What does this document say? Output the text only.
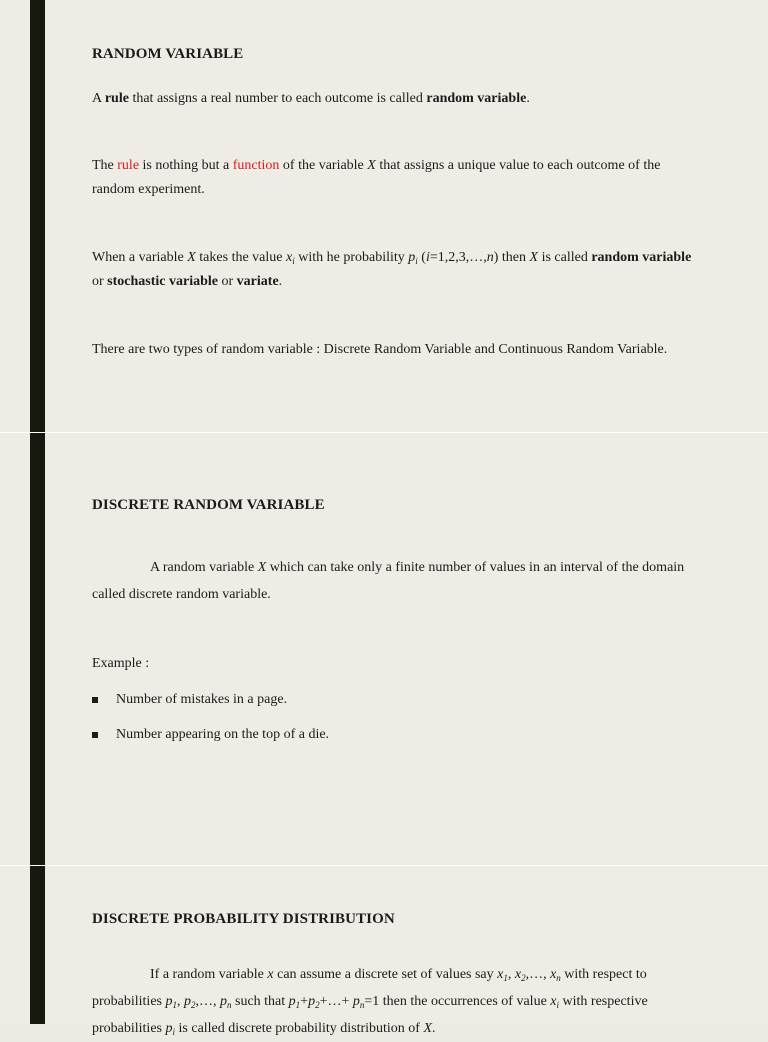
RANDOM VARIABLE

A rule that assigns a real number to each outcome is called random variable.

The rule is nothing but a function of the variable X that assigns a unique value to each outcome of the random experiment.

When a variable X takes the value $x_i$ with he probability $p_i$ (i=1,2,3,…,n) then X is called random variable or stochastic variable or variate.

There are two types of random variable : Discrete Random Variable and Continuous Random Variable.

DISCRETE RANDOM VARIABLE

A random variable X which can take only a finite number of values in an interval of the domain called discrete random variable.

Example :

Number of mistakes in a page.
Number appearing on the top of a die.
DISCRETE PROBABILITY DISTRIBUTION

If a random variable x can assume a discrete set of values say $x_1$, $x_2,\dots$, $x_n$ with respect to probabilities $p_1$, $p_2,\dots$, $p_n$ such that $p_1+p_2+\dots+ p_n=1$ then the occurrences of value $x_i$ with respective probabilities $p_i$ is called discrete probability distribution of X.
